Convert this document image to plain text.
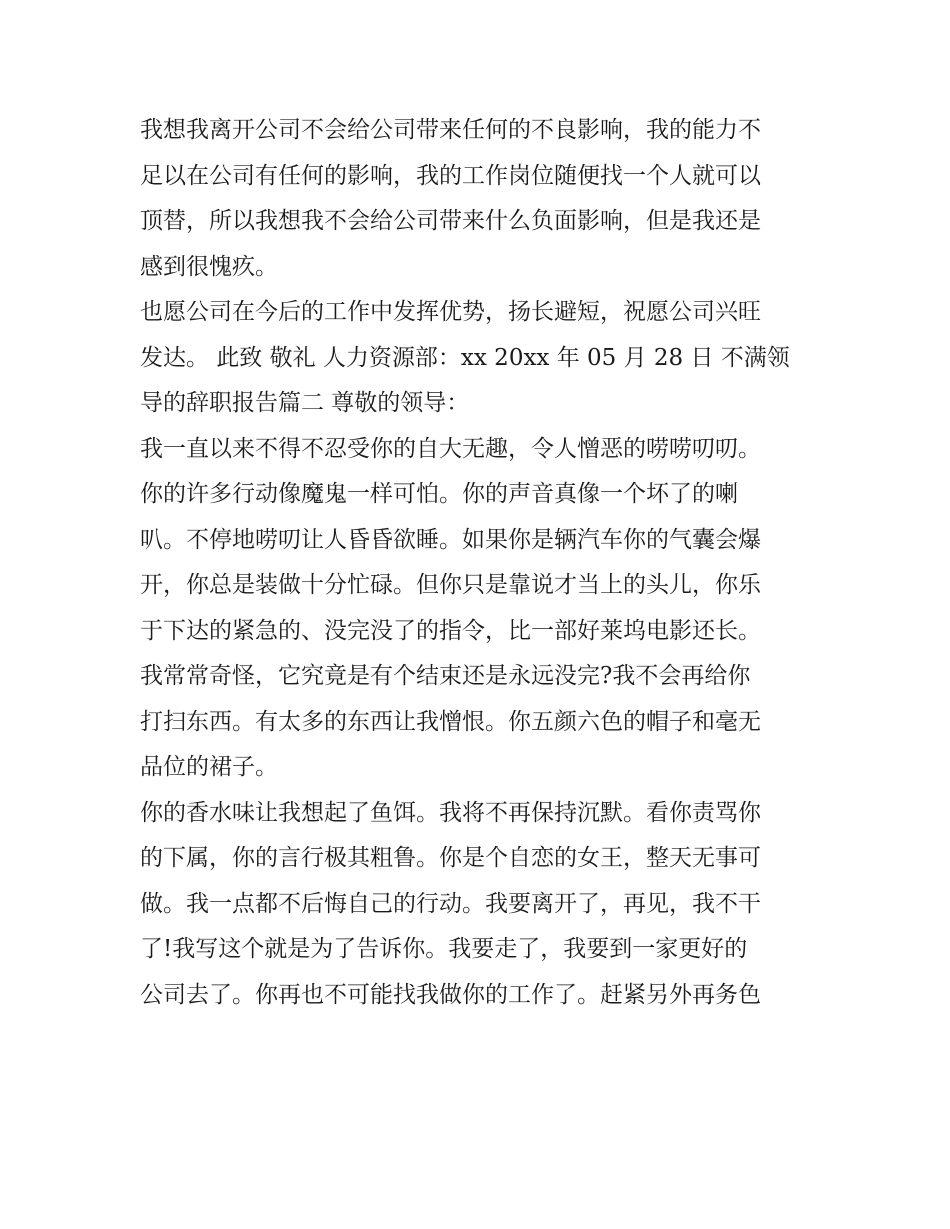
我想我离开公司不会给公司带来任何的不良影响，我的能力不
足以在公司有任何的影响，我的工作岗位随便找一个人就可以
顶替，所以我想我不会给公司带来什么负面影响，但是我还是
感到很愧疚。
也愿公司在今后的工作中发挥优势，扬长避短，祝愿公司兴旺
发达。 此致 敬礼 人力资源部：xx 20xx 年 05 月 28 日 不满领
导的辞职报告篇二 尊敬的领导：
我一直以来不得不忍受你的自大无趣，令人憎恶的唠唠叨叨。
你的许多行动像魔鬼一样可怕。你的声音真像一个坏了的喇
叭。不停地唠叨让人昏昏欲睡。如果你是辆汽车你的气囊会爆
开，你总是装做十分忙碌。但你只是靠说才当上的头儿，你乐
于下达的紧急的、没完没了的指令，比一部好莱坞电影还长。
我常常奇怪，它究竟是有个结束还是永远没完?我不会再给你
打扫东西。有太多的东西让我憎恨。你五颜六色的帽子和毫无
品位的裙子。
你的香水味让我想起了鱼饵。我将不再保持沉默。看你责骂你
的下属，你的言行极其粗鲁。你是个自恋的女王，整天无事可
做。我一点都不后悔自己的行动。我要离开了，再见，我不干
了!我写这个就是为了告诉你。我要走了，我要到一家更好的
公司去了。你再也不可能找我做你的工作了。赶紧另外再务色
